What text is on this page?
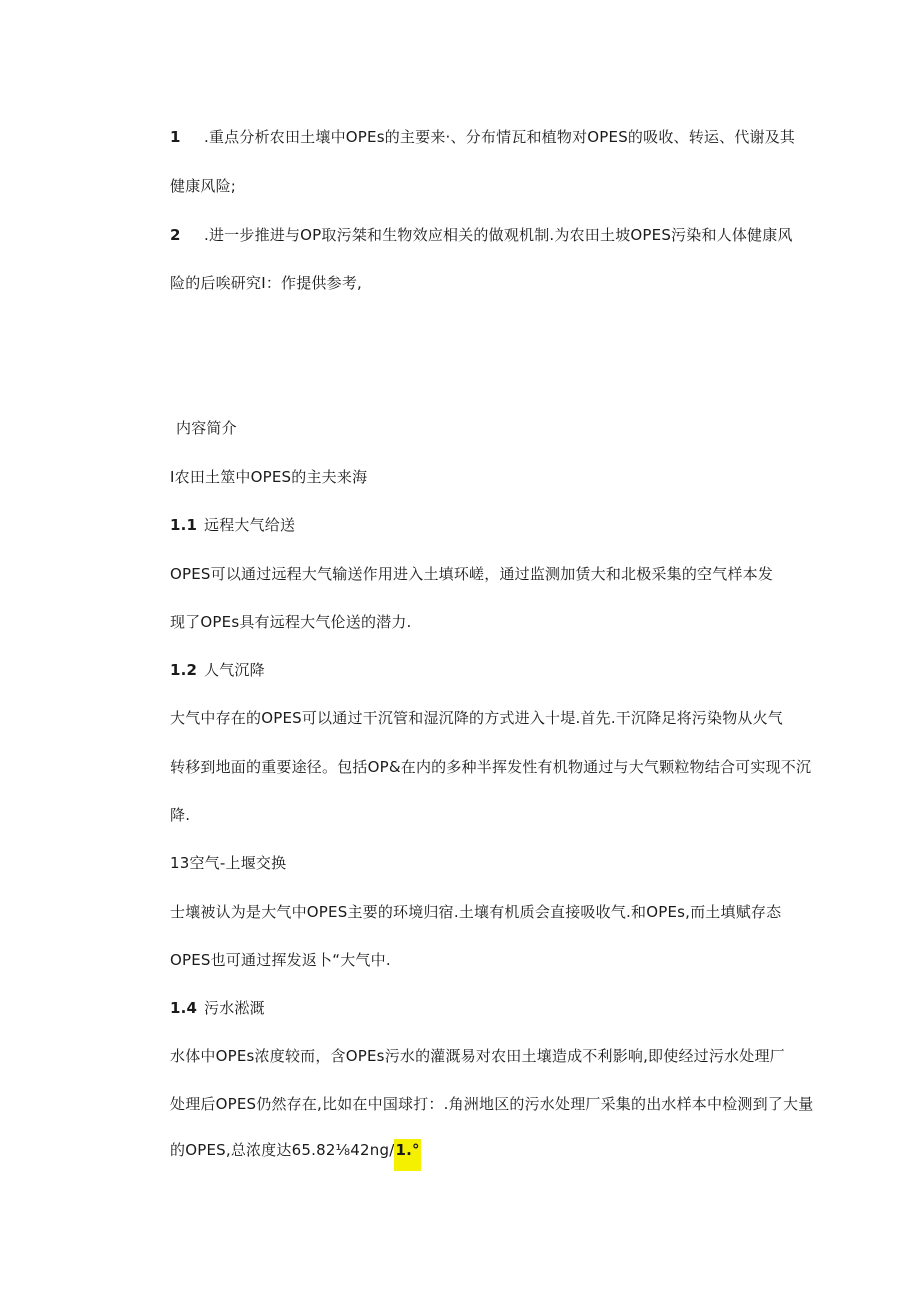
1 .重点分析农田土壤中OPEs的主要来·、分布情瓦和植物对OPES的吸收、转运、代谢及其
健康风险;
2 .进一步推进与OP取污桀和生物效应相关的做观机制.为农田土坡OPES污染和人体健康风
险的后唉研究I：作提供参考,
内容简介
I农田土筮中OPES的主夫来海
1.1 远程大气给送
OPES可以通过远程大气输送作用进入土填环嵯，通过监测加赁大和北极采集的空气样本发
现了OPEs具有远程大气伦送的潜力.
1.2 人气沉降
大气中存在的OPES可以通过干沉管和湿沉降的方式进入十堤.首先.干沉降足将污染物从火气
转移到地面的重要途径。包括OP&在内的多种半挥发性有机物通过与大气颗粒物结合可实现不沉
降.
13空气-上堰交换
士壤被认为是大气中OPES主要的环境归宿.土壤有机质会直接吸收气.和OPEs,而土填赋存态
OPES也可通过挥发返卜“大气中.
1.4 污水淞溉
水体中OPEs浓度较而，含OPEs污水的灌溉易对农田土壤造成不利影响,即使经过污水处理厂
处理后OPES仍然存在,比如在中国球打：.角洲地区的污水处理厂采集的出水样本中检测到了大量
的OPES,总浓度达65.82⅛42ng/1.°
